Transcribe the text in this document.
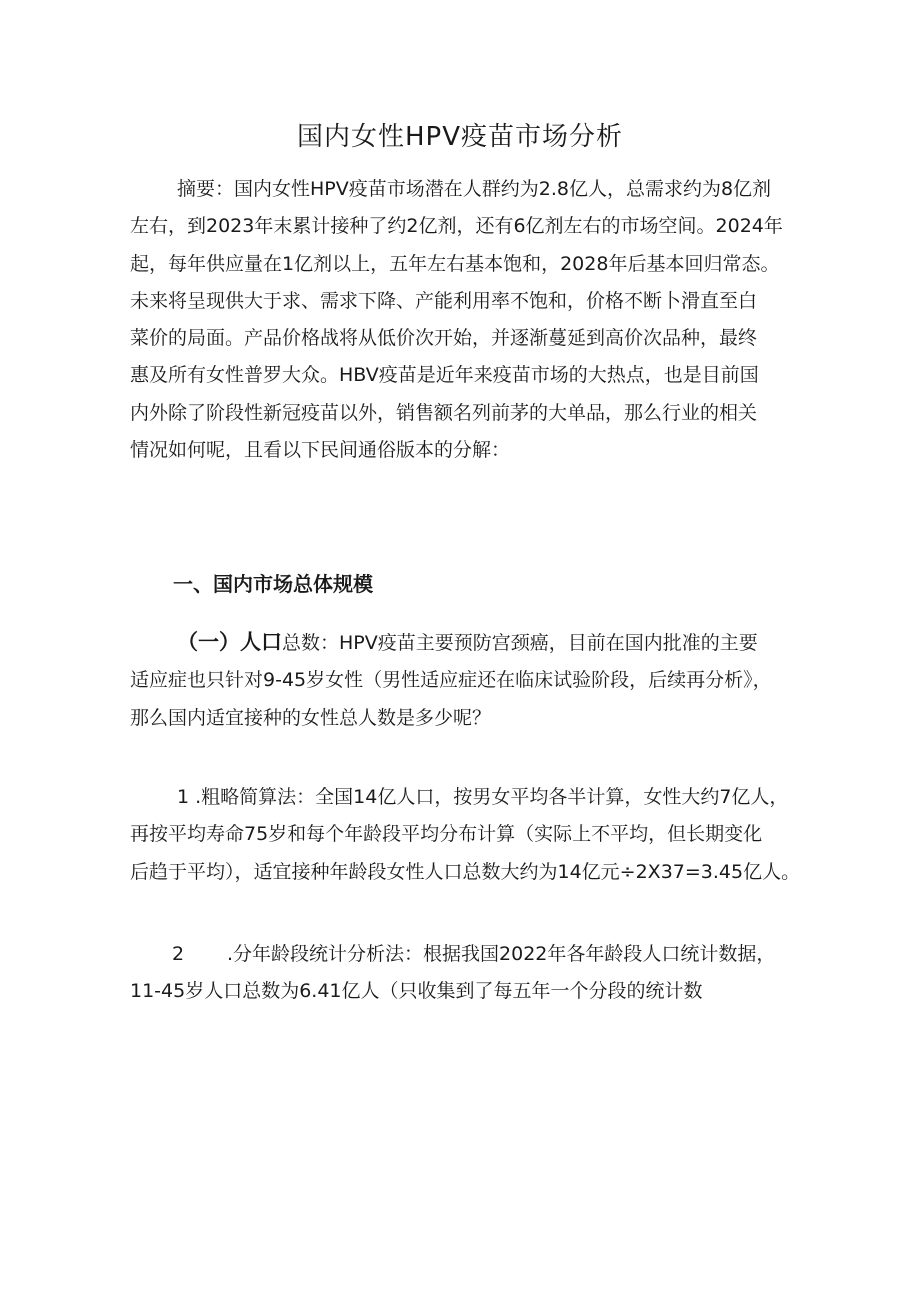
国内女性HPV疫苗市场分析

摘要：国内女性HPV疫苗市场潜在人群约为2.8亿人，总需求约为8亿剂
左右，到2023年末累计接种了约2亿剂，还有6亿剂左右的市场空间。2024年
起，每年供应量在1亿剂以上，五年左右基本饱和，2028年后基本回归常态。
未来将呈现供大于求、需求下降、产能利用率不饱和，价格不断卜滑直至白
菜价的局面。产品价格战将从低价次开始，并逐渐蔓延到高价次品种，最终
惠及所有女性普罗大众。HBV疫苗是近年来疫苗市场的大热点，也是目前国
内外除了阶段性新冠疫苗以外，销售额名列前茅的大单品，那么行业的相关
情况如何呢，且看以下民间通俗版本的分解：

一、国内市场总体规模

（一）人口总数：HPV疫苗主要预防宫颈癌，目前在国内批准的主要
适应症也只针对9-45岁女性（男性适应症还在临床试验阶段，后续再分析》，
那么国内适宜接种的女性总人数是多少呢？

1 .粗略简算法：全国14亿人口，按男女平均各半计算，女性大约7亿人，
再按平均寿命75岁和每个年龄段平均分布计算（实际上不平均，但长期变化
后趋于平均），适宜接种年龄段女性人口总数大约为14亿元÷2X37=3.45亿人。

2 .分年龄段统计分析法：根据我国2022年各年龄段人口统计数据，
11-45岁人口总数为6.41亿人（只收集到了每五年一个分段的统计数
